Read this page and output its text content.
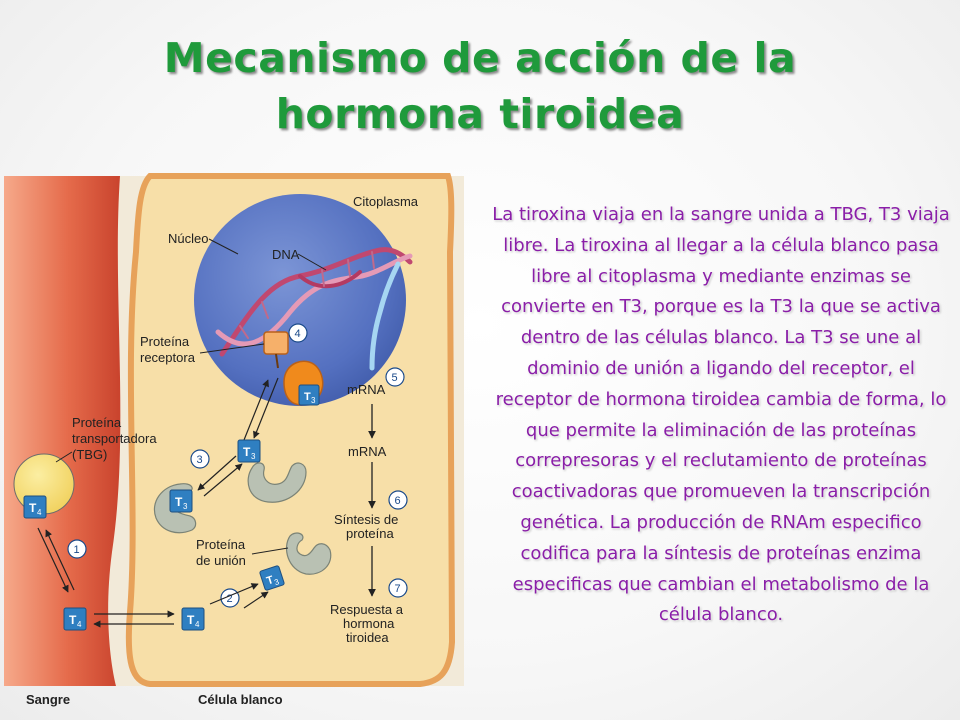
Mecanismo de acción de la
hormona tiroidea
T 3
Citoplasma
Núcleo
DNA
Proteína
receptora
mRNA
4
5
3
6
1
2
7
mRNA
Síntesis de
proteína
Respuesta a
hormona
tiroidea
T 3
T 3
T
3
Proteína
de unión
T 4
Proteína
transportadora
(TBG)
T 4	T 4
Sangre	Célula blanco

La tiroxina viaja en la sangre unida a TBG, T3 viaja libre. La tiroxina al llegar a la célula blanco pasa libre al citoplasma y mediante enzimas se convierte en T3, porque es la T3 la que se activa dentro de las células blanco. La T3 se une al dominio de unión a ligando del receptor, el receptor de hormona tiroidea cambia de forma, lo que permite la eliminación de las proteínas correpresoras y el reclutamiento de proteínas coactivadoras que promueven la transcripción genética. La producción de RNAm especifico codifica para la síntesis de proteínas enzima especificas que cambian el metabolismo de la célula blanco.
